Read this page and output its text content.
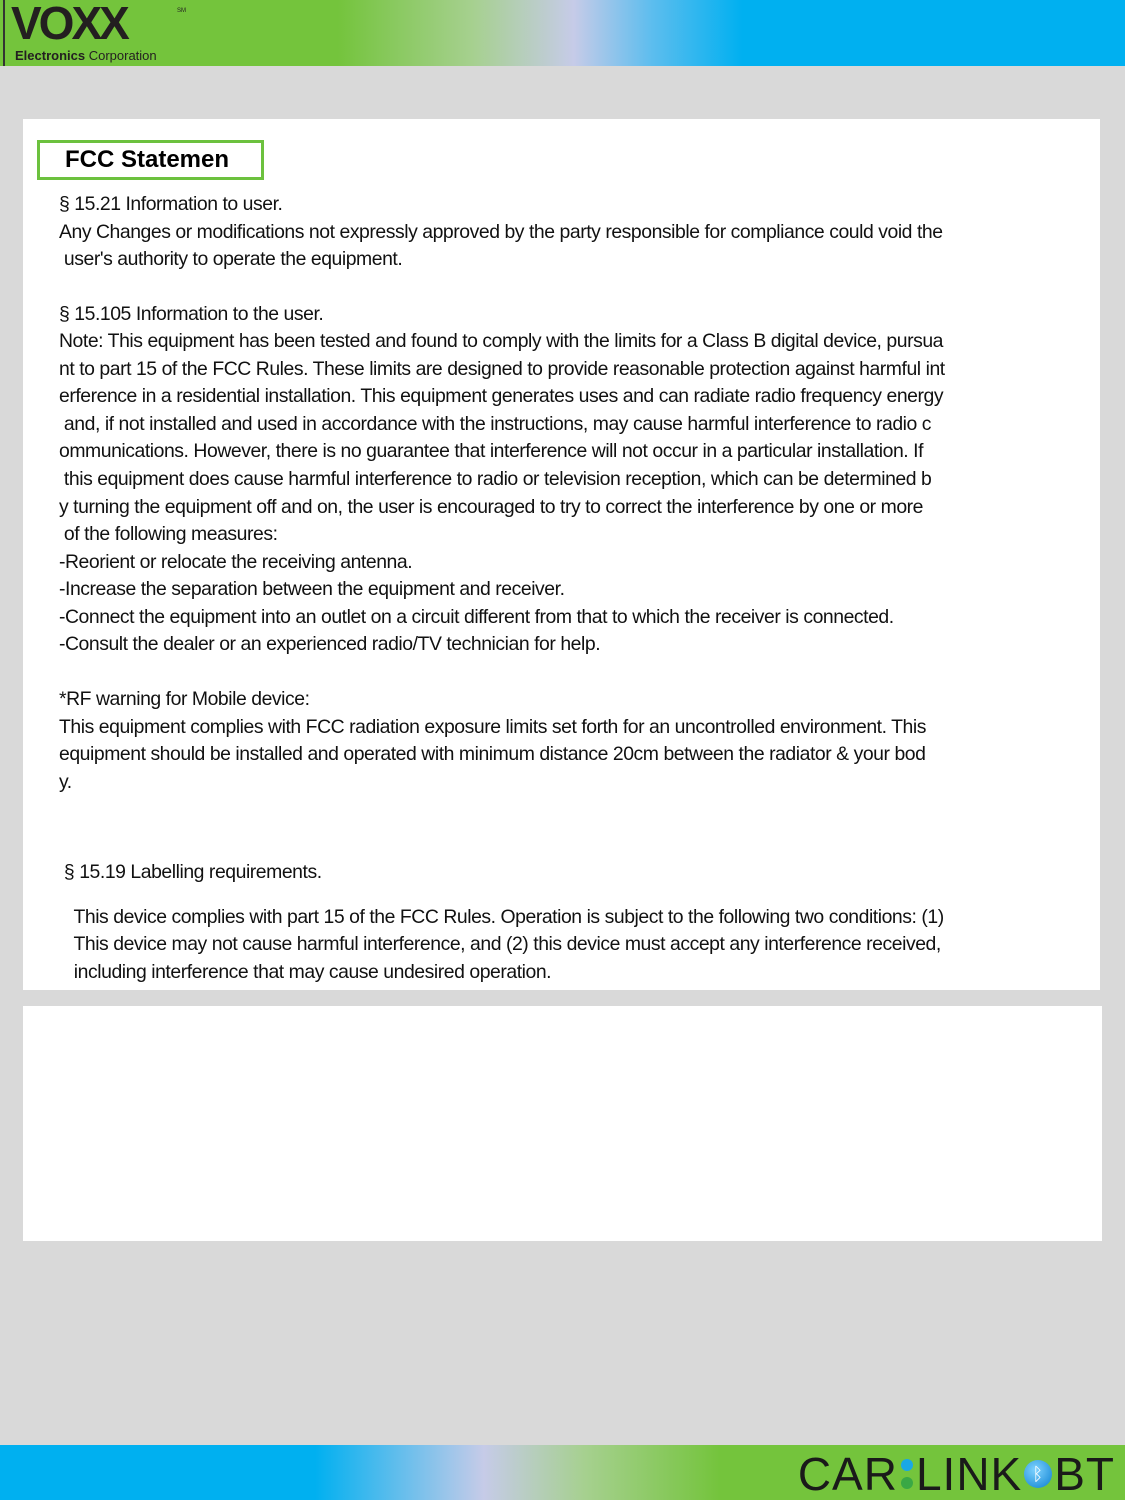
VOXX	SM
Electronics Corporation
FCC Statemen
§ 15.21 Information to user.
Any Changes or modifications not expressly approved by the party responsible for compliance could void the
user's authority to operate the equipment.
§ 15.105 Information to the user.
Note: This equipment has been tested and found to comply with the limits for a Class B digital device, pursua
nt to part 15 of the FCC Rules. These limits are designed to provide reasonable protection against harmful int
erference in a residential installation. This equipment generates uses and can radiate radio frequency energy
and, if not installed and used in accordance with the instructions, may cause harmful interference to radio c
ommunications. However, there is no guarantee that interference will not occur in a particular installation. If
this equipment does cause harmful interference to radio or television reception, which can be determined b
y turning the equipment off and on, the user is encouraged to try to correct the interference by one or more
of the following measures:
-Reorient or relocate the receiving antenna.
-Increase the separation between the equipment and receiver.
-Connect the equipment into an outlet on a circuit different from that to which the receiver is connected.
-Consult the dealer or an experienced radio/TV technician for help.
*RF warning for Mobile device:
This equipment complies with FCC radiation exposure limits set forth for an uncontrolled environment. This
equipment should be installed and operated with minimum distance 20cm between the radiator & your bod
y.
§ 15.19 Labelling requirements.
This device complies with part 15 of the FCC Rules. Operation is subject to the following two conditions: (1)
This device may not cause harmful interference, and (2) this device must accept any interference received,
including interference that may cause undesired operation.
CAR LINK ᛒ BT
